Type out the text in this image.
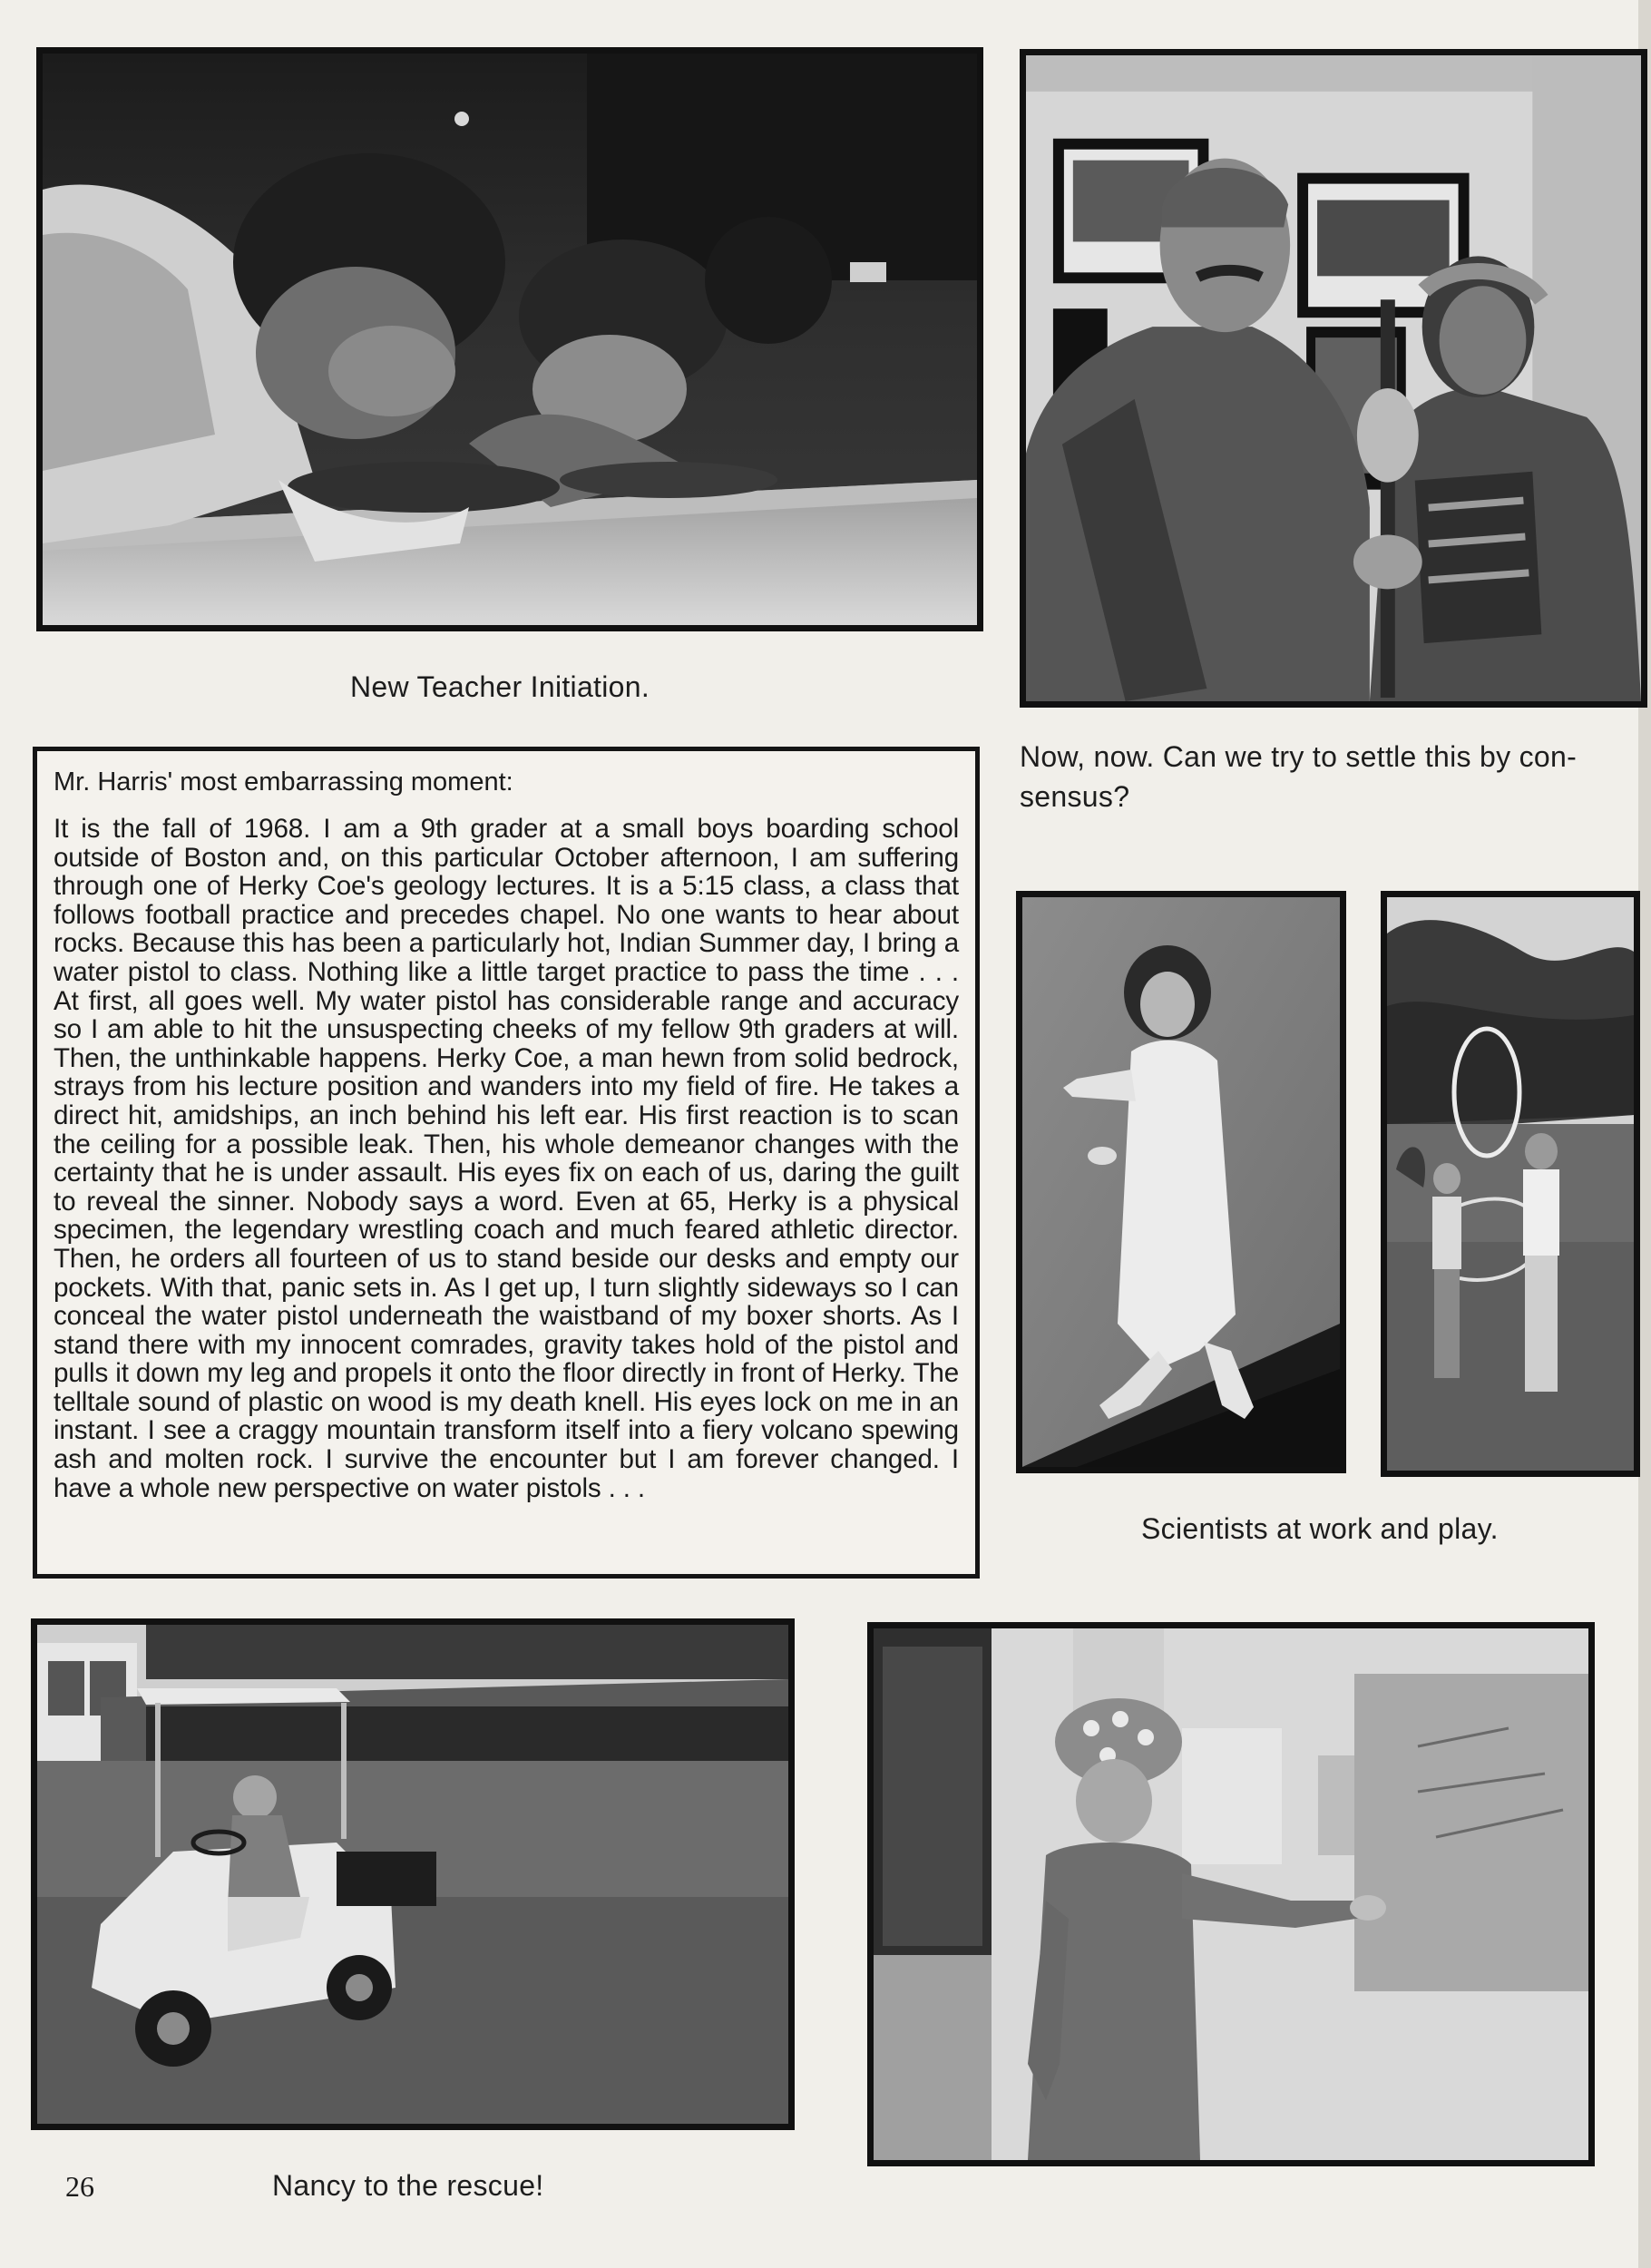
New Teacher Initiation.
Now, now. Can we try to settle this by con-
sensus?

Mr. Harris' most embarrassing moment:

It is the fall of 1968. I am a 9th grader at a small boys boarding school outside of Boston and, on this particular October afternoon, I am suffering through one of Herky Coe's geology lectures. It is a 5:15 class, a class that follows football practice and precedes chapel. No one wants to hear about rocks. Because this has been a particularly hot, Indian Summer day, I bring a water pistol to class. Nothing like a little target practice to pass the time . . . At first, all goes well. My water pistol has considerable range and accuracy so I am able to hit the unsuspecting cheeks of my fellow 9th graders at will. Then, the unthinkable happens. Herky Coe, a man hewn from solid bedrock, strays from his lecture position and wanders into my field of fire. He takes a direct hit, amidships, an inch behind his left ear. His first reaction is to scan the ceiling for a possible leak. Then, his whole demeanor changes with the certainty that he is under assault. His eyes fix on each of us, daring the guilt to reveal the sinner. Nobody says a word. Even at 65, Herky is a physical specimen, the legendary wrestling coach and much feared athletic director. Then, he orders all fourteen of us to stand beside our desks and empty our pockets. With that, panic sets in. As I get up, I turn slightly sideways so I can conceal the water pistol underneath the waistband of my boxer shorts. As I stand there with my innocent comrades, gravity takes hold of the pistol and pulls it down my leg and propels it onto the floor directly in front of Herky. The telltale sound of plastic on wood is my death knell. His eyes lock on me in an instant. I see a craggy mountain transform itself into a fiery volcano spewing ash and molten rock. I survive the encounter but I am forever changed. I have a whole new perspective on water pistols . . .

Scientists at work and play.
Nancy to the rescue!
26
